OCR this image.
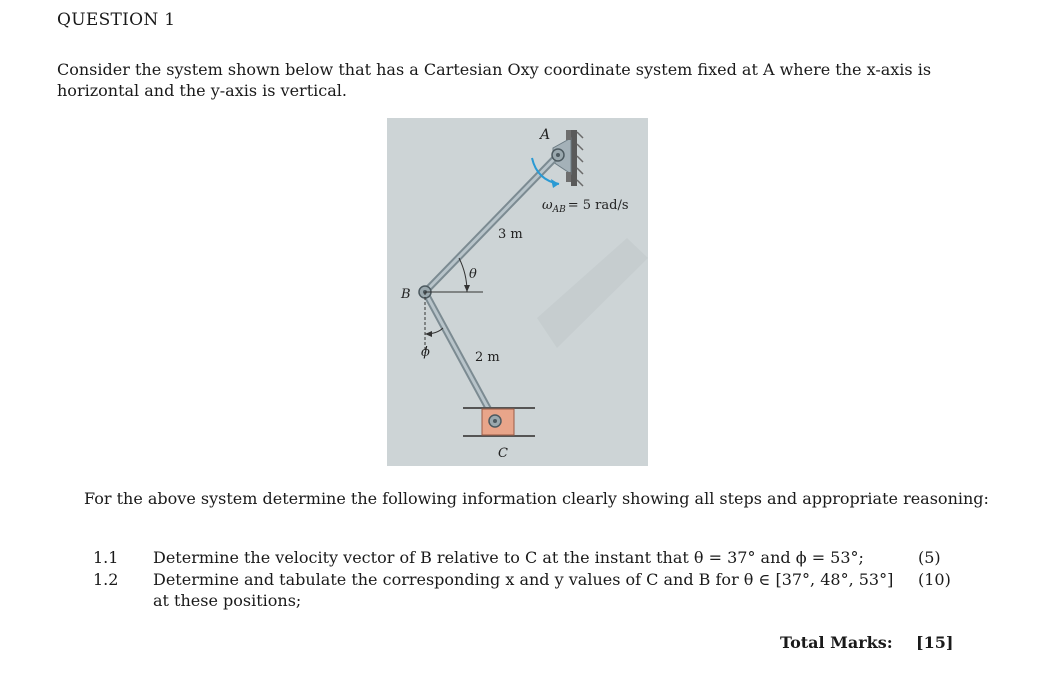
QUESTION 1
Consider the system shown below that has a Cartesian Oxy coordinate system fixed at A where the x-axis is horizontal and the y-axis is vertical.
A
B
C
θ
ϕ
3 m
2 m
$\omega_{AB} = 5$ rad/s
For the above system determine the following information clearly showing all steps and appropriate reasoning:
1.1	Determine the velocity vector of B relative to C at the instant that θ = 37° and ϕ = 53°;	(5)
1.2	Determine and tabulate the corresponding x and y values of C and B for θ ∈ [37°, 48°, 53°] at these positions;
(10)
Total Marks: [15]
